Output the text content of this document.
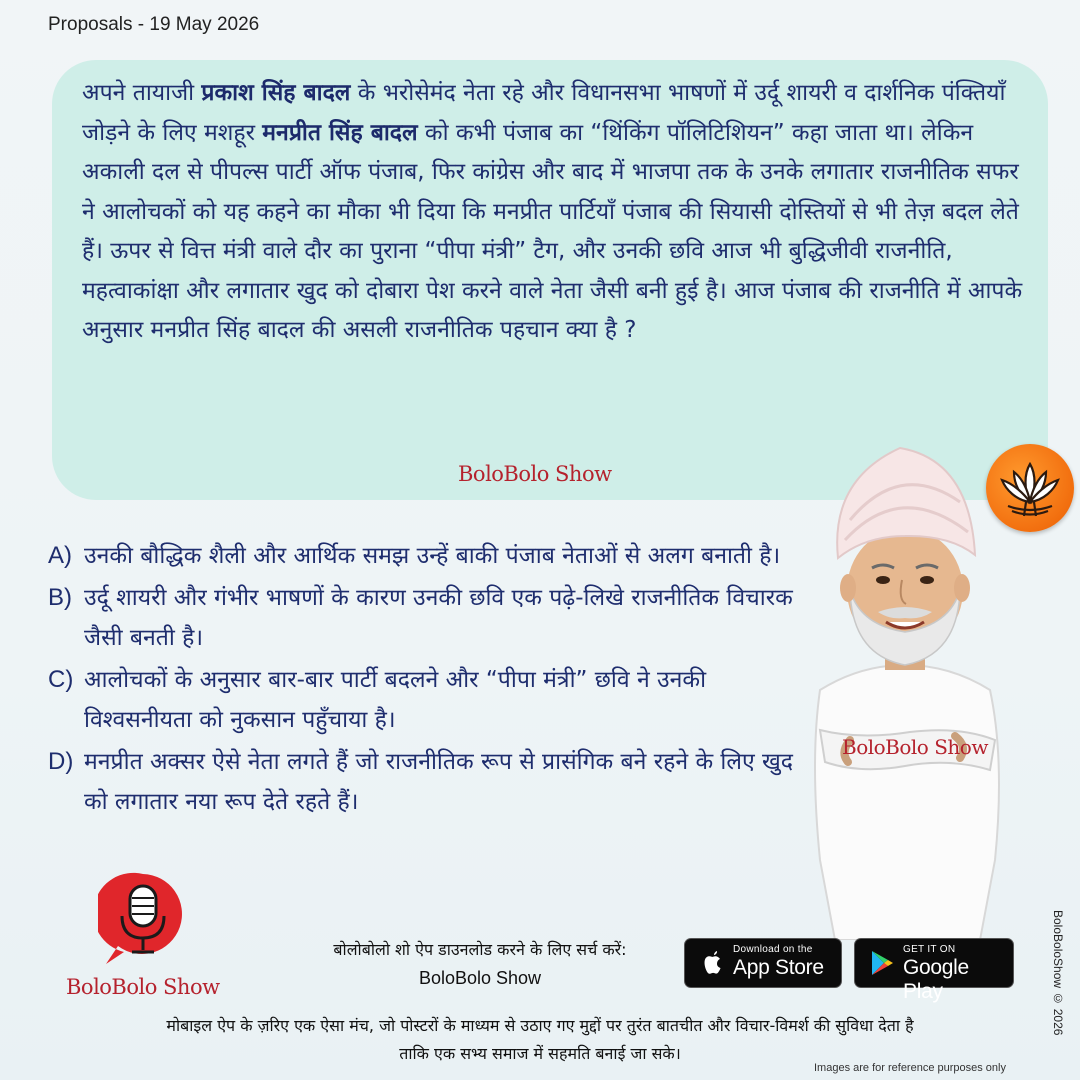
Proposals - 19 May 2026
अपने तायाजी प्रकाश सिंह बादल के भरोसेमंद नेता रहे और विधानसभा भाषणों में उर्दू शायरी व दार्शनिक पंक्तियाँ जोड़ने के लिए मशहूर मनप्रीत सिंह बादल को कभी पंजाब का “थिंकिंग पॉलिटिशियन” कहा जाता था। लेकिन अकाली दल से पीपल्स पार्टी ऑफ पंजाब, फिर कांग्रेस और बाद में भाजपा तक के उनके लगातार राजनीतिक सफर ने आलोचकों को यह कहने का मौका भी दिया कि मनप्रीत पार्टियाँ पंजाब की सियासी दोस्तियों से भी तेज़ बदल लेते हैं। ऊपर से वित्त मंत्री वाले दौर का पुराना “पीपा मंत्री” टैग, और उनकी छवि आज भी बुद्धिजीवी राजनीति, महत्वाकांक्षा और लगातार खुद को दोबारा पेश करने वाले नेता जैसी बनी हुई है। आज पंजाब की राजनीति में आपके अनुसार मनप्रीत सिंह बादल की असली राजनीतिक पहचान क्या है ?
BoloBolo Show
A) उनकी बौद्धिक शैली और आर्थिक समझ उन्हें बाकी पंजाब नेताओं से अलग बनाती है।
B) उर्दू शायरी और गंभीर भाषणों के कारण उनकी छवि एक पढ़े-लिखे राजनीतिक विचारक जैसी बनती है।
C) आलोचकों के अनुसार बार-बार पार्टी बदलने और “पीपा मंत्री” छवि ने उनकी विश्वसनीयता को नुकसान पहुँचाया है।
D) मनप्रीत अक्सर ऐसे नेता लगते हैं जो राजनीतिक रूप से प्रासंगिक बने रहने के लिए खुद को लगातार नया रूप देते रहते हैं।
BoloBolo Show
BoloBolo Show
बोलोबोलो शो ऐप डाउनलोड करने के लिए सर्च करें:
BoloBolo Show
Download on the
App Store
GET IT ON
Google Play
मोबाइल ऐप के ज़रिए एक ऐसा मंच, जो पोस्टरों के माध्यम से उठाए गए मुद्दों पर तुरंत बातचीत और विचार-विमर्श की सुविधा देता है
ताकि एक सभ्य समाज में सहमति बनाई जा सके।
BoloBoloShow © 2026
Images are for reference purposes only
